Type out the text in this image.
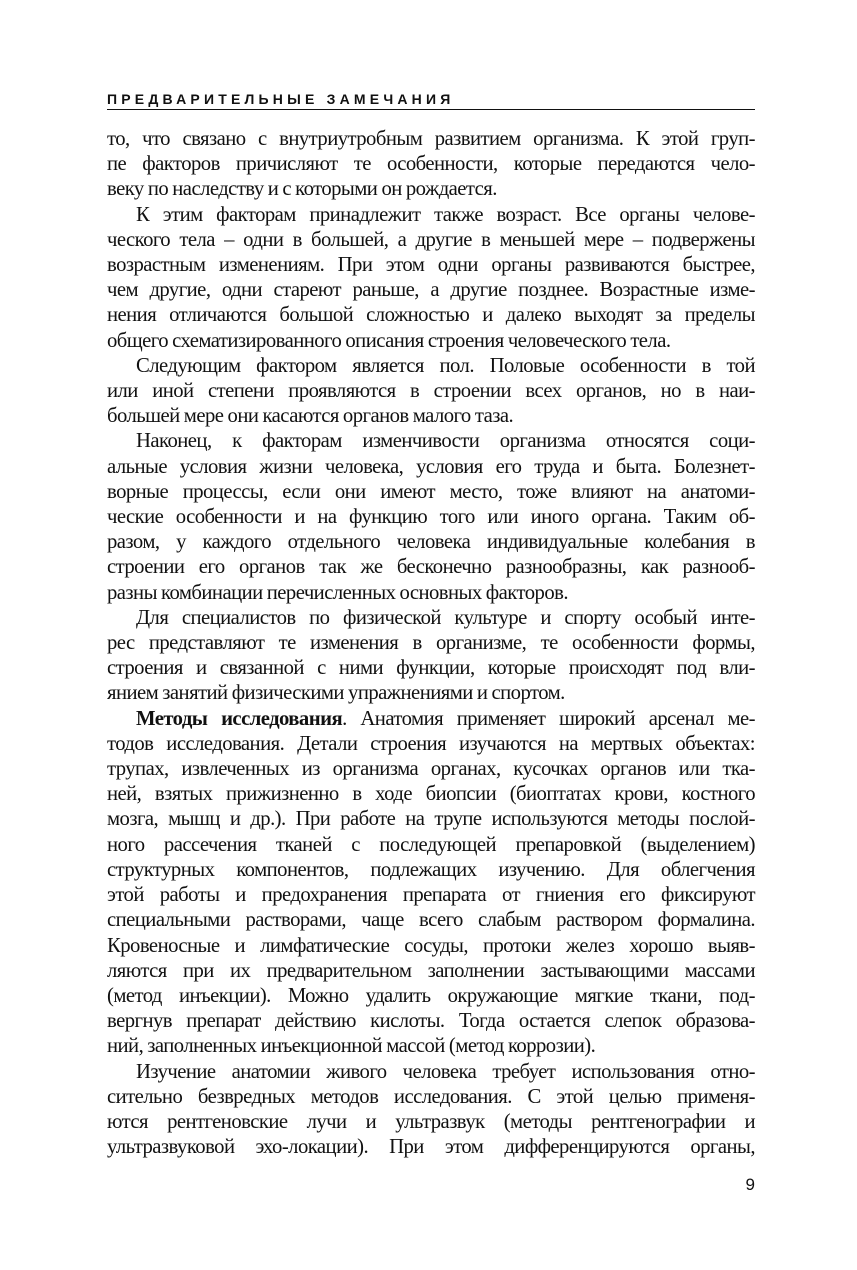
ПРЕДВАРИТЕЛЬНЫЕ ЗАМЕЧАНИЯ
то, что связано с внутриутробным развитием организма. К этой груп-
пе факторов причисляют те особенности, которые передаются чело-
веку по наследству и с которыми он рождается.
К этим факторам принадлежит также возраст. Все органы челове-
ческого тела – одни в большей, а другие в меньшей мере – подвержены
возрастным изменениям. При этом одни органы развиваются быстрее,
чем другие, одни стареют раньше, а другие позднее. Возрастные изме-
нения отличаются большой сложностью и далеко выходят за пределы
общего схематизированного описания строения человеческого тела.
Следующим фактором является пол. Половые особенности в той
или иной степени проявляются в строении всех органов, но в наи-
большей мере они касаются органов малого таза.
Наконец, к факторам изменчивости организма относятся соци-
альные условия жизни человека, условия его труда и быта. Болезнет-
ворные процессы, если они имеют место, тоже влияют на анатоми-
ческие особенности и на функцию того или иного органа. Таким об-
разом, у каждого отдельного человека индивидуальные колебания в
строении его органов так же бесконечно разнообразны, как разнооб-
разны комбинации перечисленных основных факторов.
Для специалистов по физической культуре и спорту особый инте-
рес представляют те изменения в организме, те особенности формы,
строения и связанной с ними функции, которые происходят под вли-
янием занятий физическими упражнениями и спортом.
Методы исследования. Анатомия применяет широкий арсенал ме-
тодов исследования. Детали строения изучаются на мертвых объектах:
трупах, извлеченных из организма органах, кусочках органов или тка-
ней, взятых прижизненно в ходе биопсии (биоптатах крови, костного
мозга, мышц и др.). При работе на трупе используются методы послой-
ного рассечения тканей с последующей препаровкой (выделением)
структурных компонентов, подлежащих изучению. Для облегчения
этой работы и предохранения препарата от гниения его фиксируют
специальными растворами, чаще всего слабым раствором формалина.
Кровеносные и лимфатические сосуды, протоки желез хорошо выяв-
ляются при их предварительном заполнении застывающими массами
(метод инъекции). Можно удалить окружающие мягкие ткани, под-
вергнув препарат действию кислоты. Тогда остается слепок образова-
ний, заполненных инъекционной массой (метод коррозии).
Изучение анатомии живого человека требует использования отно-
сительно безвредных методов исследования. С этой целью применя-
ются рентгеновские лучи и ультразвук (методы рентгенографии и
ультразвуковой эхо-локации). При этом дифференцируются органы,
9
